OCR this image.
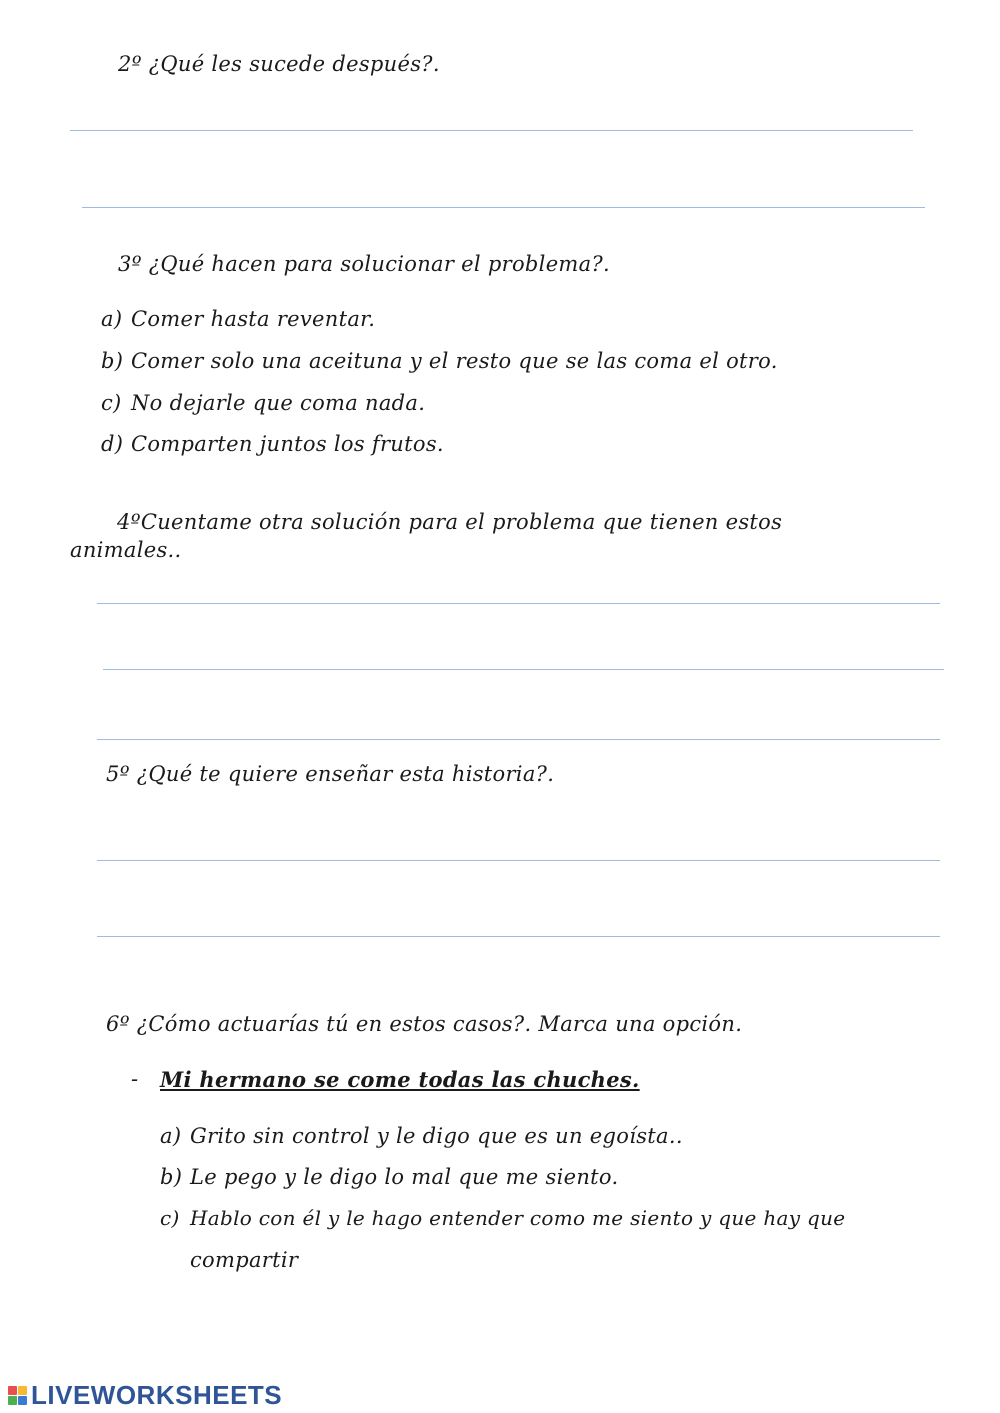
2º ¿Qué les sucede después?.
3º ¿Qué hacen para solucionar el problema?.
a) Comer hasta reventar.
b) Comer solo una aceituna y el resto que se las coma el otro.
c) No dejarle que coma nada.
d) Comparten juntos los frutos.
4ºCuentame otra solución para el problema que tienen estos
animales..
5º ¿Qué te quiere enseñar esta historia?.
6º ¿Cómo actuarías tú en estos casos?. Marca una opción.
- Mi hermano se come todas las chuches.
a) Grito sin control y le digo que es un egoísta..
b) Le pego y le digo lo mal que me siento.
c) Hablo con él y le hago entender como me siento y que hay que
compartir
LIVEWORKSHEETS
